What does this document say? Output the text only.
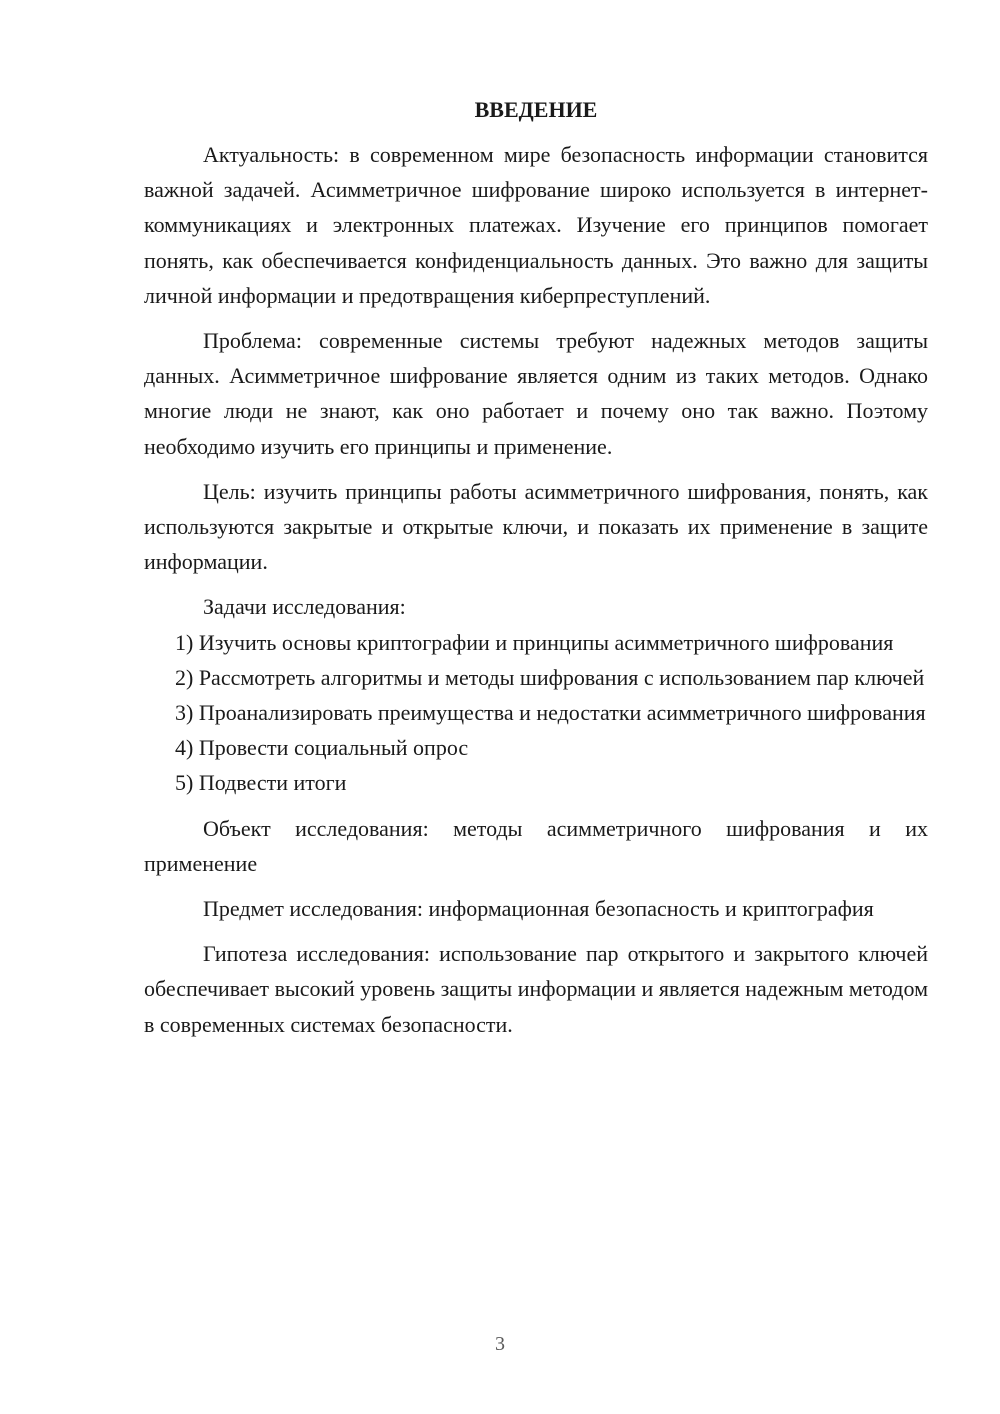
ВВЕДЕНИЕ

Актуальность: в современном мире безопасность информации становится важной задачей. Асимметричное шифрование широко используется в интернет-коммуникациях и электронных платежах. Изучение его принципов помогает понять, как обеспечивается конфиденциальность данных. Это важно для защиты личной информации и предотвращения киберпреступлений.

Проблема: современные системы требуют надежных методов защиты данных. Асимметричное шифрование является одним из таких методов. Однако многие люди не знают, как оно работает и почему оно так важно. Поэтому необходимо изучить его принципы и применение.

Цель: изучить принципы работы асимметричного шифрования, понять, как используются закрытые и открытые ключи, и показать их применение в защите информации.

Задачи исследования:

1) Изучить основы криптографии и принципы асимметричного шифрования

2) Рассмотреть алгоритмы и методы шифрования с использованием пар ключей

3) Проанализировать преимущества и недостатки асимметричного шифрования

4) Провести социальный опрос

5) Подвести итоги

Объект исследования: методы асимметричного шифрования и их применение

Предмет исследования: информационная безопасность и криптография

Гипотеза исследования: использование пар открытого и закрытого ключей обеспечивает высокий уровень защиты информации и является надежным методом в современных системах безопасности.

3
